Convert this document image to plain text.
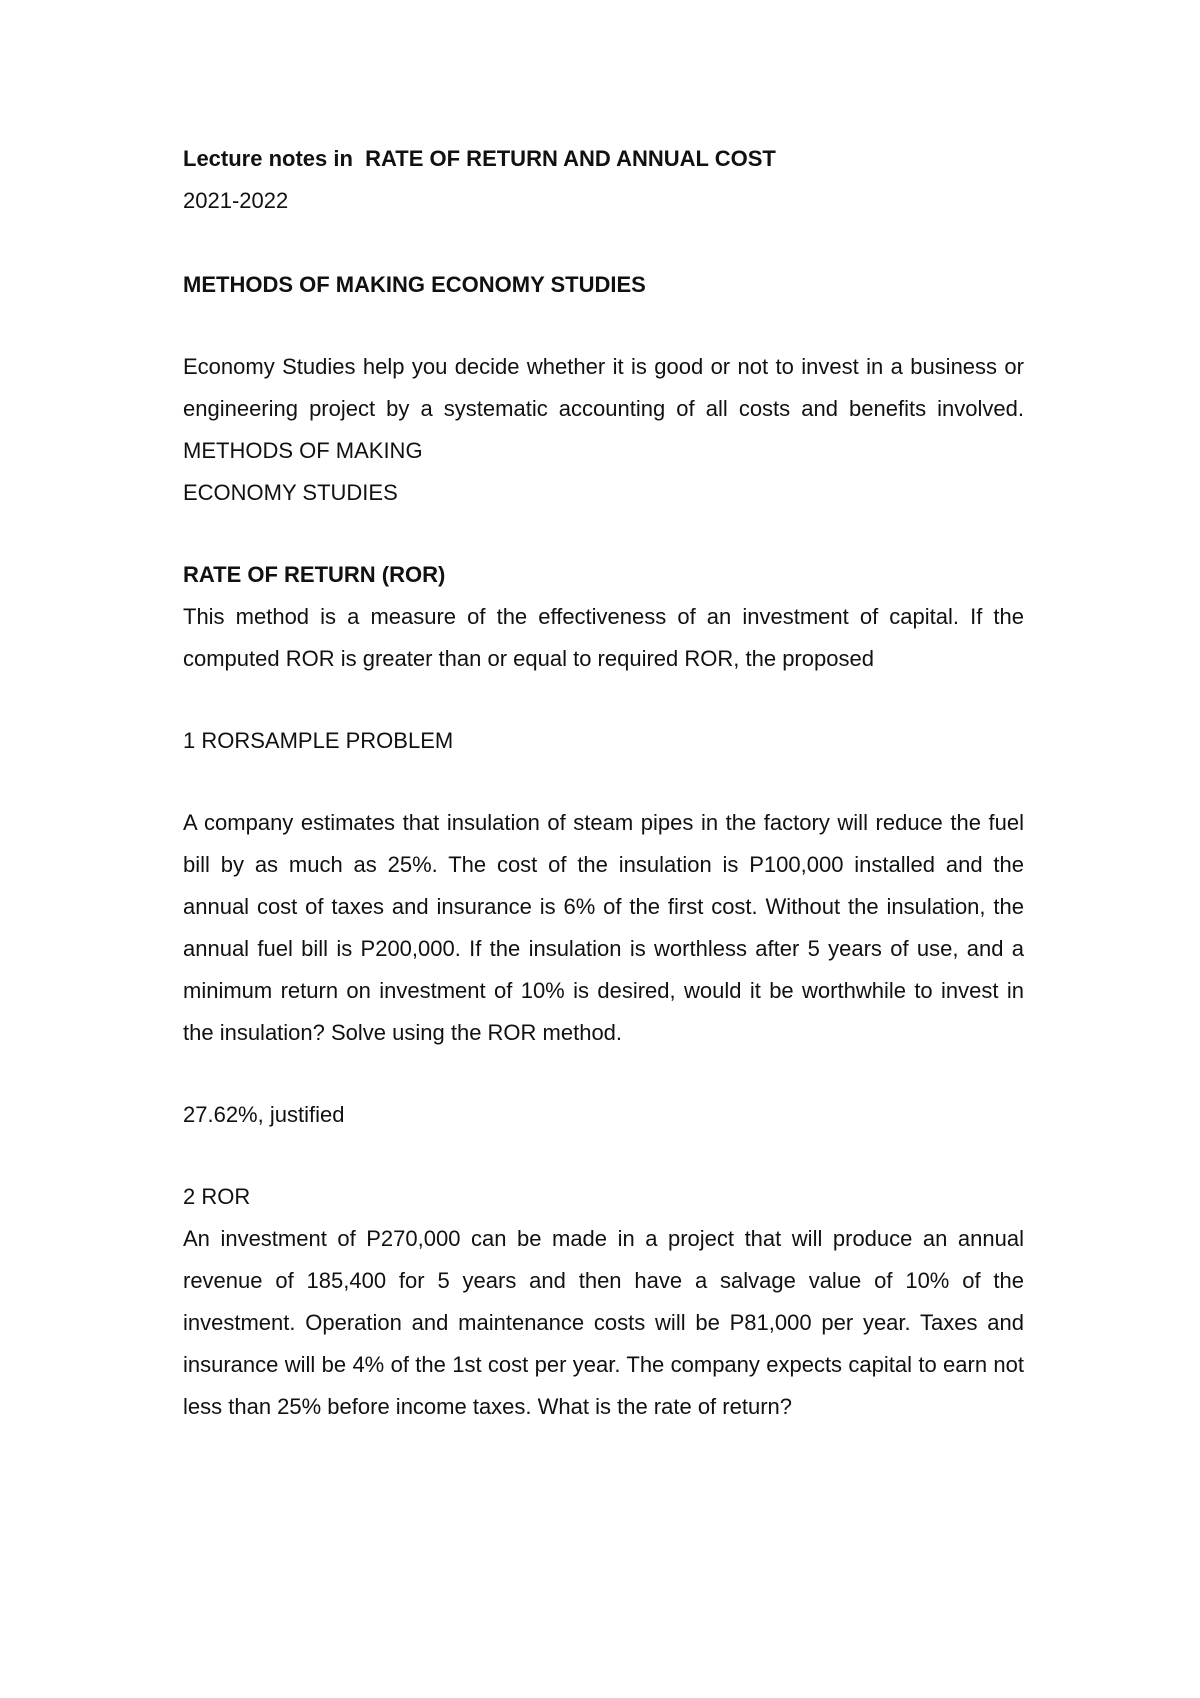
Lecture notes in RATE OF RETURN AND ANNUAL COST

2021-2022

METHODS OF MAKING ECONOMY STUDIES

Economy Studies help you decide whether it is good or not to invest in a business or engineering project by a systematic accounting of all costs and benefits involved. METHODS OF MAKING

ECONOMY STUDIES

RATE OF RETURN (ROR)

This method is a measure of the effectiveness of an investment of capital. If the computed ROR is greater than or equal to required ROR, the proposed

1 RORSAMPLE PROBLEM

A company estimates that insulation of steam pipes in the factory will reduce the fuel bill by as much as 25%. The cost of the insulation is P100,000 installed and the annual cost of taxes and insurance is 6% of the first cost. Without the insulation, the annual fuel bill is P200,000. If the insulation is worthless after 5 years of use, and a minimum return on investment of 10% is desired, would it be worthwhile to invest in the insulation? Solve using the ROR method.

27.62%, justified

2 ROR

An investment of P270,000 can be made in a project that will produce an annual revenue of 185,400 for 5 years and then have a salvage value of 10% of the investment. Operation and maintenance costs will be P81,000 per year. Taxes and insurance will be 4% of the 1st cost per year. The company expects capital to earn not less than 25% before income taxes. What is the rate of return?
